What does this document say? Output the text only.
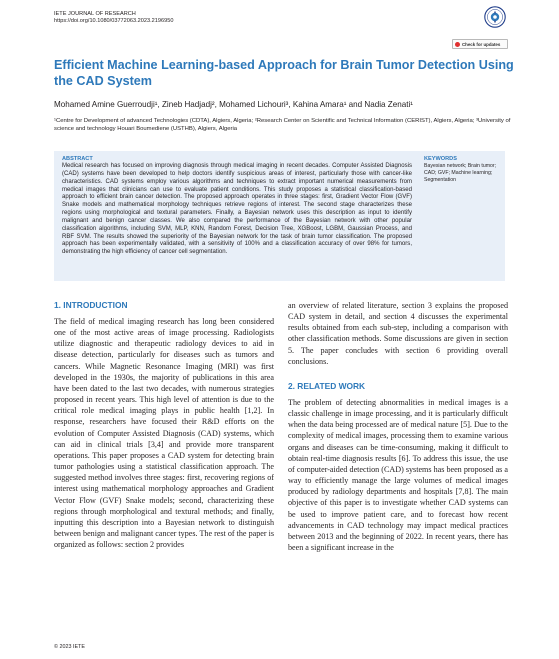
IETE JOURNAL OF RESEARCH
https://doi.org/10.1080/03772063.2023.2196950
Check for updates
Efficient Machine Learning-based Approach for Brain Tumor Detection Using the CAD System
Mohamed Amine Guerroudji¹, Zineb Hadjadj², Mohamed Lichouri³, Kahina Amara¹ and Nadia Zenati¹
¹Centre for Development of advanced Technologies (CDTA), Algiers, Algeria; ²Research Center on Scientific and Technical Information (CERIST), Algiers, Algeria; ³University of science and technology Houari Boumediene (USTHB), Algiers, Algeria
ABSTRACT
Medical research has focused on improving diagnosis through medical imaging in recent decades. Computer Assisted Diagnosis (CAD) systems have been developed to help doctors identify suspicious areas of interest, particularly those with cancer-like characteristics. CAD systems employ various algorithms and techniques to extract important numerical measurements from medical images that clinicians can use to evaluate patient conditions. This study proposes a statistical classification-based approach to efficient brain cancer detection. The proposed approach operates in three stages: first, Gradient Vector Flow (GVF) Snake models and mathematical morphology techniques retrieve regions of interest. The second stage characterizes these regions using morphological and textural parameters. Finally, a Bayesian network uses this description as input to identify malignant and benign cancer classes. We also compared the performance of the Bayesian network with other popular classification algorithms, including SVM, MLP, KNN, Random Forest, Decision Tree, XGBoost, LGBM, Gaussian Process, and RBF SVM. The results showed the superiority of the Bayesian network for the task of brain tumor classification. The proposed approach has been experimentally validated, with a sensitivity of 100% and a classification accuracy of over 98% for tumors, demonstrating the high efficiency of cancer cell segmentation.
KEYWORDS
Bayesian network; Brain tumor; CAD; GVF; Machine learning; Segmentation
1. INTRODUCTION
The field of medical imaging research has long been considered one of the most active areas of image processing. Radiologists utilize diagnostic and therapeutic radiology devices to aid in disease detection, particularly for diseases such as tumors and cancers. While Magnetic Resonance Imaging (MRI) was first developed in the 1930s, the majority of publications in this area have been dated to the last two decades, with numerous strategies proposed in recent years. This high level of attention is due to the critical role medical imaging plays in public health [1,2]. In response, researchers have focused their R&D efforts on the evolution of Computer Assisted Diagnosis (CAD) systems, which can aid in clinical trials [3,4] and provide more transparent operations. This paper proposes a CAD system for detecting brain tumor pathologies using a statistical classification approach. The suggested method involves three stages: first, recovering regions of interest using mathematical morphology approaches and Gradient Vector Flow (GVF) Snake models; second, characterizing these regions through morphological and textural methods; and finally, inputting this description into a Bayesian network to distinguish between benign and malignant cancer types. The rest of the paper is organized as follows: section 2 provides
an overview of related literature, section 3 explains the proposed CAD system in detail, and section 4 discusses the experimental results obtained from each sub-step, including a comparison with other classification methods. Some discussions are given in section 5. The paper concludes with section 6 providing overall conclusions.
2. RELATED WORK
The problem of detecting abnormalities in medical images is a classic challenge in image processing, and it is particularly difficult when the data being processed are of medical nature [5]. Due to the complexity of medical images, processing them to examine various organs and diseases can be time-consuming, making it difficult to obtain real-time diagnosis results [6]. To address this issue, the use of computer-aided detection (CAD) systems has been proposed as a way to efficiently manage the large volumes of medical images produced by radiology departments and hospitals [7,8]. The main objective of this paper is to investigate whether CAD systems can be used to improve patient care, and to forecast how recent advancements in CAD technology may impact medical practices between 2013 and the beginning of 2022. In recent years, there has been a significant increase in the
© 2023 IETE
